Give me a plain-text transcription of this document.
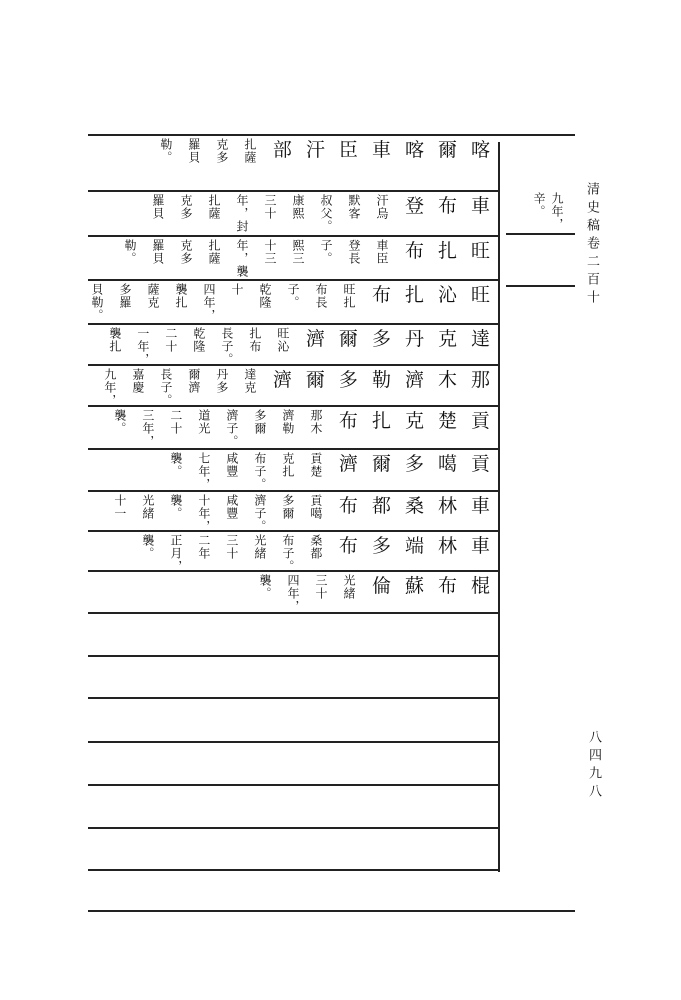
清史稿卷二百十
八四九八
九年，
辛。
喀
爾
喀
車
臣
汗
部
扎薩
克多
羅貝
勒。
車
布
登
汗烏
默客
叔父。
康熙
三十
年，封
扎薩
克多
羅貝
旺
扎
布
車臣
登長
子。
熙三
十三
年，襲
扎薩
克多
羅貝
勒。
旺
沁
扎
布
旺扎
布長
子。
乾隆
十
四年，
襲扎
薩克
多羅
貝勒。
達
克
丹
多
爾
濟
旺沁
扎布
長子。
乾隆
二十
一年，
襲扎
那
木
濟
勒
多
爾
濟
達克
丹多
爾濟
長子。
嘉慶
九年，
貢
楚
克
扎
布
那木
濟勒
多爾
濟子。
道光
二十
三年，
襲。
貢
噶
多
爾
濟
貢楚
克扎
布子。
咸豐
七年，
襲。
車
林
桑
都
布
貢噶
多爾
濟子。
咸豐
十年，
襲。
光緒
十一
車
林
端
多
布
桑都
布子。
光緒
三十
二年
正月，
襲。
棍
布
蘇
倫
光緒
三十
四年，
襲。
